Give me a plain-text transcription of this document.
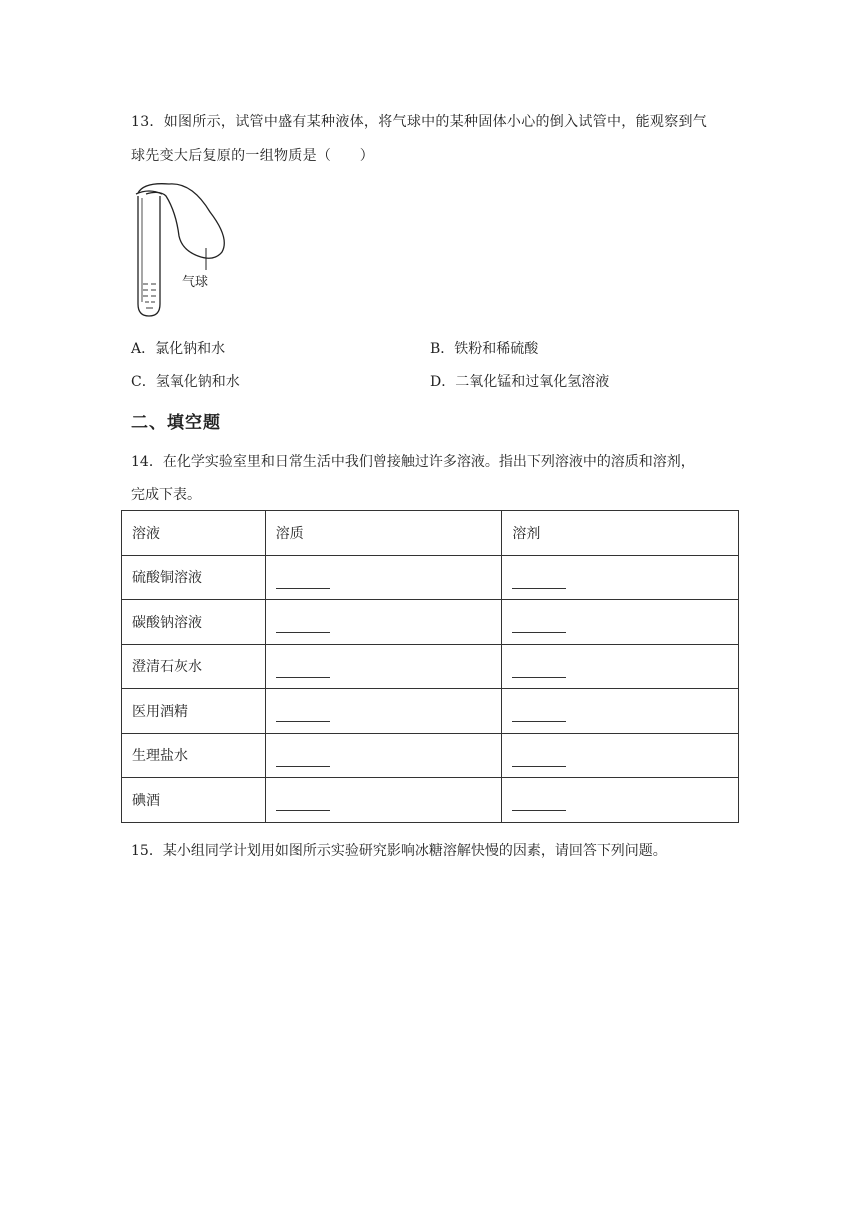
13．如图所示，试管中盛有某种液体，将气球中的某种固体小心的倒入试管中，能观察到气
球先变大后复原的一组物质是（　　）
气球
A．氯化钠和水	B．铁粉和稀硫酸
C．氢氧化钠和水	D．二氧化锰和过氧化氢溶液
二、填空题
14．在化学实验室里和日常生活中我们曾接触过许多溶液。指出下列溶液中的溶质和溶剂，
完成下表。
溶液	溶质	溶剂
硫酸铜溶液		
碳酸钠溶液		
澄清石灰水		
医用酒精		
生理盐水		
碘酒		
15．某小组同学计划用如图所示实验研究影响冰糖溶解快慢的因素，请回答下列问题。
